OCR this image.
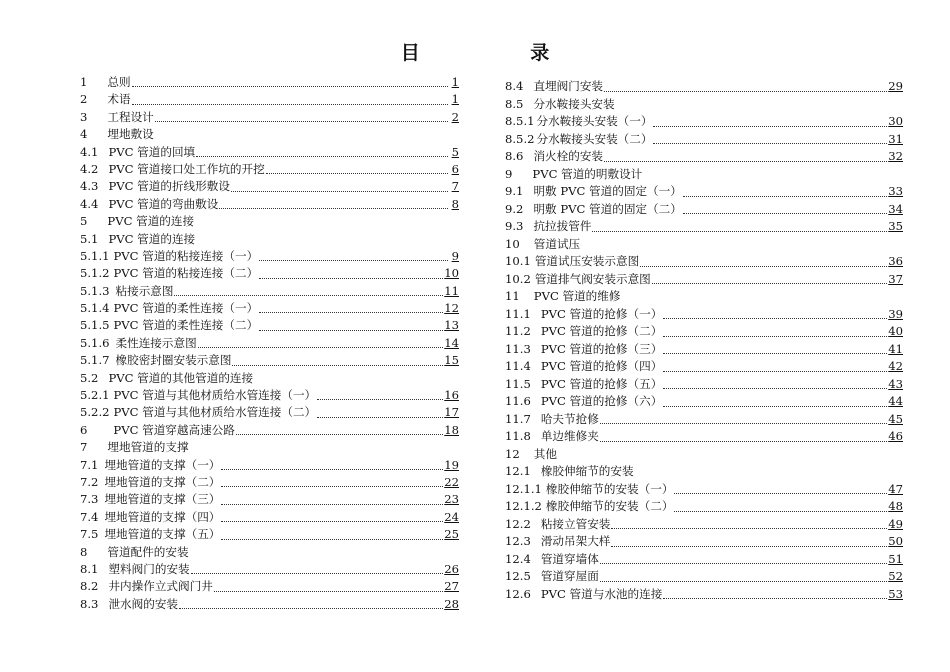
目 录
1 总则	1
2 术语	1
3 工程设计	2
4 埋地敷设
4.1 PVC 管道的回填	5
4.2 PVC 管道接口处工作坑的开挖	6
4.3 PVC 管道的折线形敷设	7
4.4 PVC 管道的弯曲敷设	8
5 PVC 管道的连接
5.1 PVC 管道的连接
5.1.1 PVC 管道的粘接连接（一）	9
5.1.2 PVC 管道的粘接连接（二）	10
5.1.3 粘接示意图	11
5.1.4 PVC 管道的柔性连接（一）	12
5.1.5 PVC 管道的柔性连接（二）	13
5.1.6 柔性连接示意图	14
5.1.7 橡胶密封圈安装示意图	15
5.2 PVC 管道的其他管道的连接
5.2.1 PVC 管道与其他材质给水管连接（一）	16
5.2.2 PVC 管道与其他材质给水管连接（二）	17
6 PVC 管道穿越高速公路	18
7 埋地管道的支撑
7.1 埋地管道的支撑（一）	19
7.2 埋地管道的支撑（二）	22
7.3 埋地管道的支撑（三）	23
7.4 埋地管道的支撑（四）	24
7.5 埋地管道的支撑（五）	25
8 管道配件的安装
8.1 塑料阀门的安装	26
8.2 井内操作立式阀门井	27
8.3 泄水阀的安装	28
8.4 直埋阀门安装	29
8.5 分水鞍接头安装
8.5.1 分水鞍接头安装（一）	30
8.5.2 分水鞍接头安装（二）	31
8.6 消火栓的安装	32
9 PVC 管道的明敷设计
9.1 明敷 PVC 管道的固定（一）	33
9.2 明敷 PVC 管道的固定（二）	34
9.3 抗拉拔管件	35
10 管道试压
10.1 管道试压安装示意图	36
10.2 管道排气阀安装示意图	37
11 PVC 管道的维修
11.1 PVC 管道的抢修（一）	39
11.2 PVC 管道的抢修（二）	40
11.3 PVC 管道的抢修（三）	41
11.4 PVC 管道的抢修（四）	42
11.5 PVC 管道的抢修（五）	43
11.6 PVC 管道的抢修（六）	44
11.7 哈夫节抢修	45
11.8 单边维修夹	46
12 其他
12.1 橡胶伸缩节的安装
12.1.1 橡胶伸缩节的安装（一）	47
12.1.2 橡胶伸缩节的安装（二）	48
12.2 粘接立管安装	49
12.3 滑动吊架大样	50
12.4 管道穿墙体	51
12.5 管道穿屋面	52
12.6 PVC 管道与水池的连接	53
